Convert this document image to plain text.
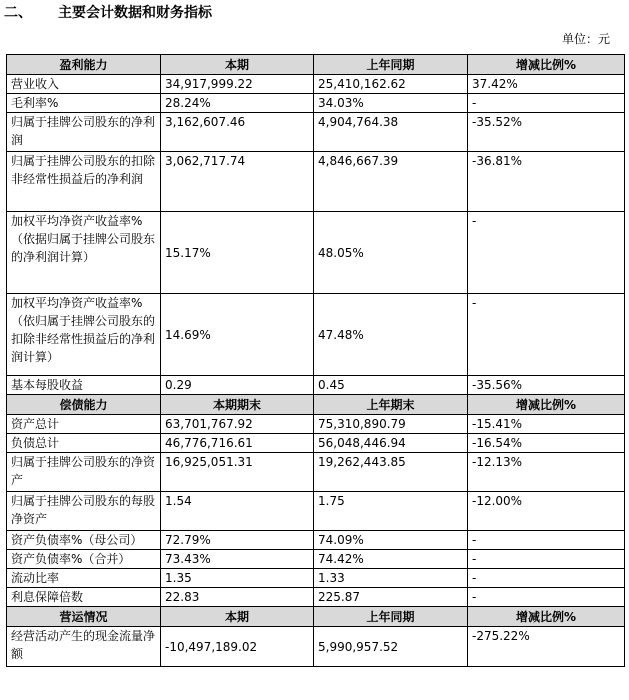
二、 主要会计数据和财务指标
单位：元
盈利能力	本期	上年同期	增减比例%
营业收入	34,917,999.22	25,410,162.62	37.42%
毛利率%	28.24%	34.03%	-
归属于挂牌公司股东的净利润	3,162,607.46	4,904,764.38	-35.52%
归属于挂牌公司股东的扣除非经常性损益后的净利润	3,062,717.74	4,846,667.39	-36.81%
加权平均净资产收益率%（依据归属于挂牌公司股东的净利润计算）	15.17%	48.05%	-
加权平均净资产收益率%（依归属于挂牌公司股东的扣除非经常性损益后的净利润计算）	14.69%	47.48%	-
基本每股收益	0.29	0.45	-35.56%
偿债能力	本期期末	上年期末	增减比例%
资产总计	63,701,767.92	75,310,890.79	-15.41%
负债总计	46,776,716.61	56,048,446.94	-16.54%
归属于挂牌公司股东的净资产	16,925,051.31	19,262,443.85	-12.13%
归属于挂牌公司股东的每股净资产	1.54	1.75	-12.00%
资产负债率%（母公司）	72.79%	74.09%	-
资产负债率%（合并）	73.43%	74.42%	-
流动比率	1.35	1.33	-
利息保障倍数	22.83	225.87	-
营运情况	本期	上年同期	增减比例%
经营活动产生的现金流量净额	-10,497,189.02	5,990,957.52	-275.22%
